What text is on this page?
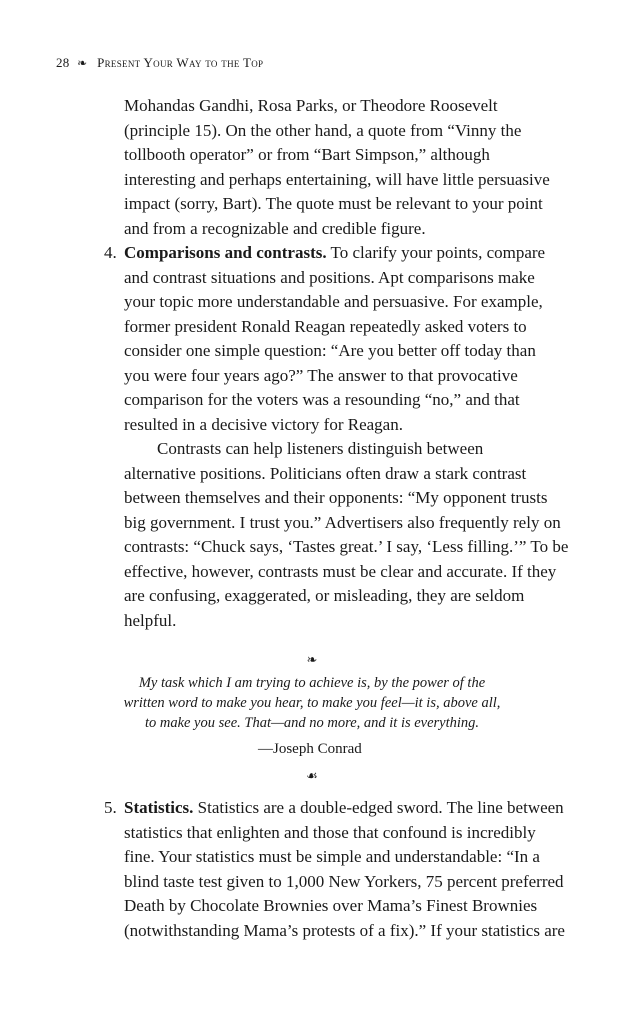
28 ❧ Present Your Way to the Top
Mohandas Gandhi, Rosa Parks, or Theodore Roosevelt
(principle 15). On the other hand, a quote from “Vinny the
tollbooth operator” or from “Bart Simpson,” although
interesting and perhaps entertaining, will have little persuasive
impact (sorry, Bart). The quote must be relevant to your point
and from a recognizable and credible figure.
4. Comparisons and contrasts. To clarify your points, compare
and contrast situations and positions. Apt comparisons make
your topic more understandable and persuasive. For example,
former president Ronald Reagan repeatedly asked voters to
consider one simple question: “Are you better off today than
you were four years ago?” The answer to that provocative
comparison for the voters was a resounding “no,” and that
resulted in a decisive victory for Reagan.
Contrasts can help listeners distinguish between
alternative positions. Politicians often draw a stark contrast
between themselves and their opponents: “My opponent trusts
big government. I trust you.” Advertisers also frequently rely on
contrasts: “Chuck says, ‘Tastes great.’ I say, ‘Less filling.’” To be
effective, however, contrasts must be clear and accurate. If they
are confusing, exaggerated, or misleading, they are seldom
helpful.
❧
My task which I am trying to achieve is, by the power of the
written word to make you hear, to make you feel—it is, above all,
to make you see. That—and no more, and it is everything.
—Joseph Conrad
☙
5. Statistics. Statistics are a double-edged sword. The line between
statistics that enlighten and those that confound is incredibly
fine. Your statistics must be simple and understandable: “In a
blind taste test given to 1,000 New Yorkers, 75 percent preferred
Death by Chocolate Brownies over Mama’s Finest Brownies
(notwithstanding Mama’s protests of a fix).” If your statistics are
